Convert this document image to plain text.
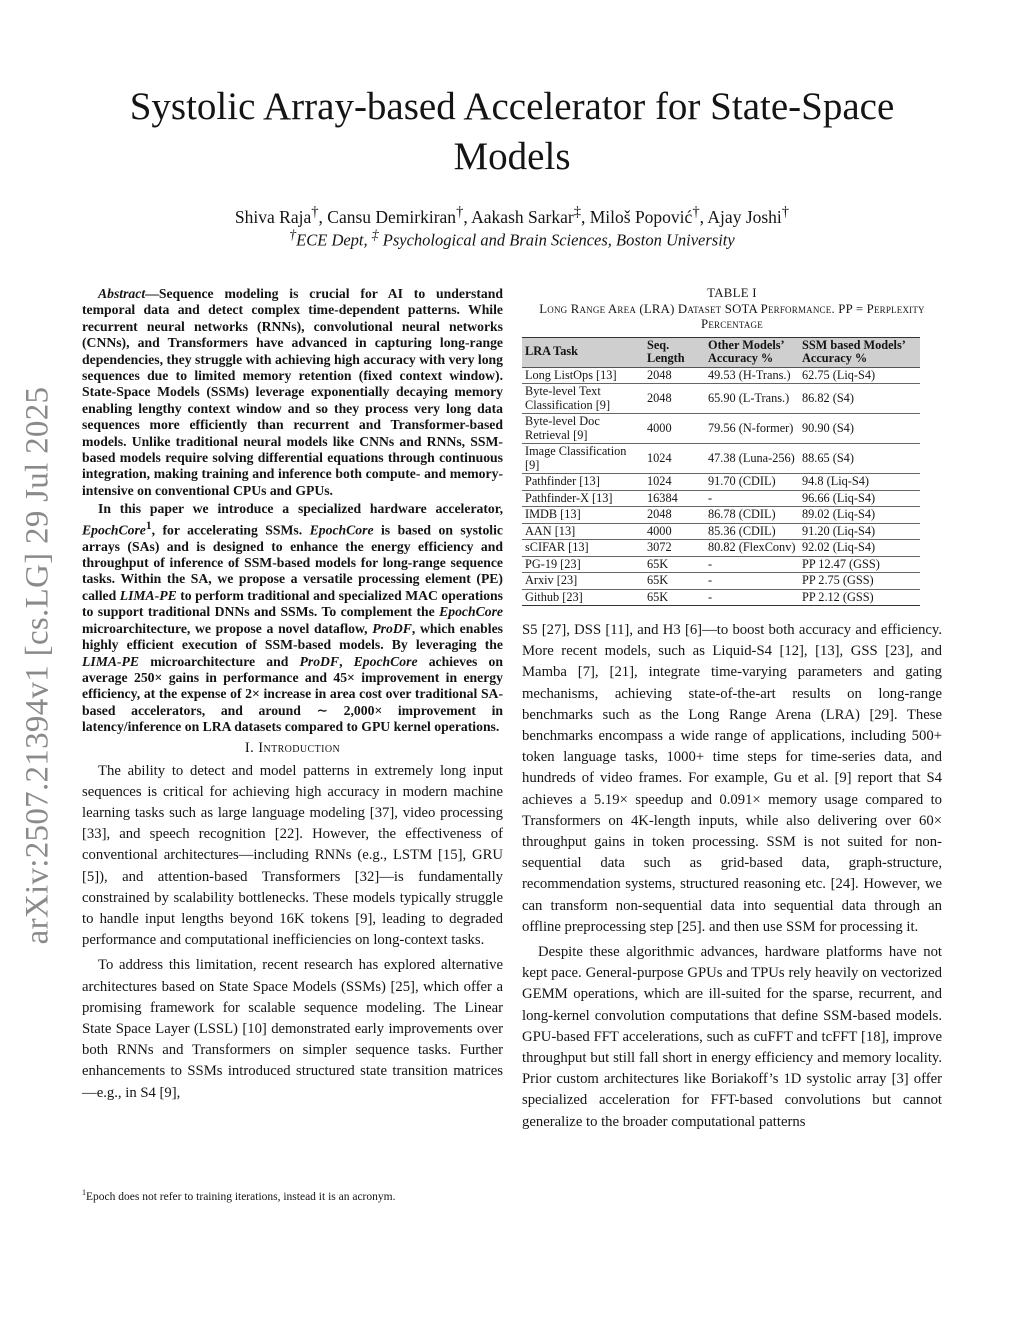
arXiv:2507.21394v1 [cs.LG] 29 Jul 2025
Systolic Array-based Accelerator for State-Space Models
Shiva Raja†, Cansu Demirkiran†, Aakash Sarkar‡, Miloš Popović†, Ajay Joshi†
†ECE Dept, ‡ Psychological and Brain Sciences, Boston University

Abstract—Sequence modeling is crucial for AI to understand temporal data and detect complex time-dependent patterns. While recurrent neural networks (RNNs), convolutional neural networks (CNNs), and Transformers have advanced in capturing long-range dependencies, they struggle with achieving high accuracy with very long sequences due to limited memory retention (fixed context window). State-Space Models (SSMs) leverage exponentially decaying memory enabling lengthy context window and so they process very long data sequences more efficiently than recurrent and Transformer-based models. Unlike traditional neural models like CNNs and RNNs, SSM-based models require solving differential equations through continuous integration, making training and inference both compute- and memory-intensive on conventional CPUs and GPUs.

In this paper we introduce a specialized hardware accelerator, EpochCore$^1$, for accelerating SSMs. EpochCore is based on systolic arrays (SAs) and is designed to enhance the energy efficiency and throughput of inference of SSM-based models for long-range sequence tasks. Within the SA, we propose a versatile processing element (PE) called LIMA-PE to perform traditional and specialized MAC operations to support traditional DNNs and SSMs. To complement the EpochCore microarchitecture, we propose a novel dataflow, ProDF, which enables highly efficient execution of SSM-based models. By leveraging the LIMA-PE microarchitecture and ProDF, EpochCore achieves on average 250× gains in performance and 45× improvement in energy efficiency, at the expense of 2× increase in area cost over traditional SA-based accelerators, and around ∼ 2,000× improvement in latency/inference on LRA datasets compared to GPU kernel operations.

I. Introduction

The ability to detect and model patterns in extremely long input sequences is critical for achieving high accuracy in modern machine learning tasks such as large language modeling [37], video processing [33], and speech recognition [22]. However, the effectiveness of conventional architectures—including RNNs (e.g., LSTM [15], GRU [5]), and attention-based Transformers [32]—is fundamentally constrained by scalability bottlenecks. These models typically struggle to handle input lengths beyond 16K tokens [9], leading to degraded performance and computational inefficiencies on long-context tasks.

To address this limitation, recent research has explored alternative architectures based on State Space Models (SSMs) [25], which offer a promising framework for scalable sequence modeling. The Linear State Space Layer (LSSL) [10] demonstrated early improvements over both RNNs and Transformers on simpler sequence tasks. Further enhancements to SSMs introduced structured state transition matrices—e.g., in S4 [9],

$^1$Epoch does not refer to training iterations, instead it is an acronym.
TABLE I
Long Range Area (LRA) Dataset SOTA Performance. PP = Perplexity Percentage
LRA Task	Seq. Length	Other Models’ Accuracy %	SSM based Models’ Accuracy %
Long ListOps [13]	2048	49.53 (H-Trans.)	62.75 (Liq-S4)
Byte-level Text Classification [9]	2048	65.90 (L-Trans.)	86.82 (S4)
Byte-level Doc Retrieval [9]	4000	79.56 (N-former)	90.90 (S4)
Image Classification [9]	1024	47.38 (Luna-256)	88.65 (S4)
Pathfinder [13]	1024	91.70 (CDIL)	94.8 (Liq-S4)
Pathfinder-X [13]	16384	-	96.66 (Liq-S4)
IMDB [13]	2048	86.78 (CDIL)	89.02 (Liq-S4)
AAN [13]	4000	85.36 (CDIL)	91.20 (Liq-S4)
sCIFAR [13]	3072	80.82 (FlexConv)	92.02 (Liq-S4)
PG-19 [23]	65K	-	PP 12.47 (GSS)
Arxiv [23]	65K	-	PP 2.75 (GSS)
Github [23]	65K	-	PP 2.12 (GSS)

S5 [27], DSS [11], and H3 [6]—to boost both accuracy and efficiency. More recent models, such as Liquid-S4 [12], [13], GSS [23], and Mamba [7], [21], integrate time-varying parameters and gating mechanisms, achieving state-of-the-art results on long-range benchmarks such as the Long Range Arena (LRA) [29]. These benchmarks encompass a wide range of applications, including 500+ token language tasks, 1000+ time steps for time-series data, and hundreds of video frames. For example, Gu et al. [9] report that S4 achieves a 5.19× speedup and 0.091× memory usage compared to Transformers on 4K-length inputs, while also delivering over 60× throughput gains in token processing. SSM is not suited for non-sequential data such as grid-based data, graph-structure, recommendation systems, structured reasoning etc. [24]. However, we can transform non-sequential data into sequential data through an offline preprocessing step [25]. and then use SSM for processing it.

Despite these algorithmic advances, hardware platforms have not kept pace. General-purpose GPUs and TPUs rely heavily on vectorized GEMM operations, which are ill-suited for the sparse, recurrent, and long-kernel convolution computations that define SSM-based models. GPU-based FFT accelerations, such as cuFFT and tcFFT [18], improve throughput but still fall short in energy efficiency and memory locality. Prior custom architectures like Boriakoff’s 1D systolic array [3] offer specialized acceleration for FFT-based convolutions but cannot generalize to the broader computational patterns
